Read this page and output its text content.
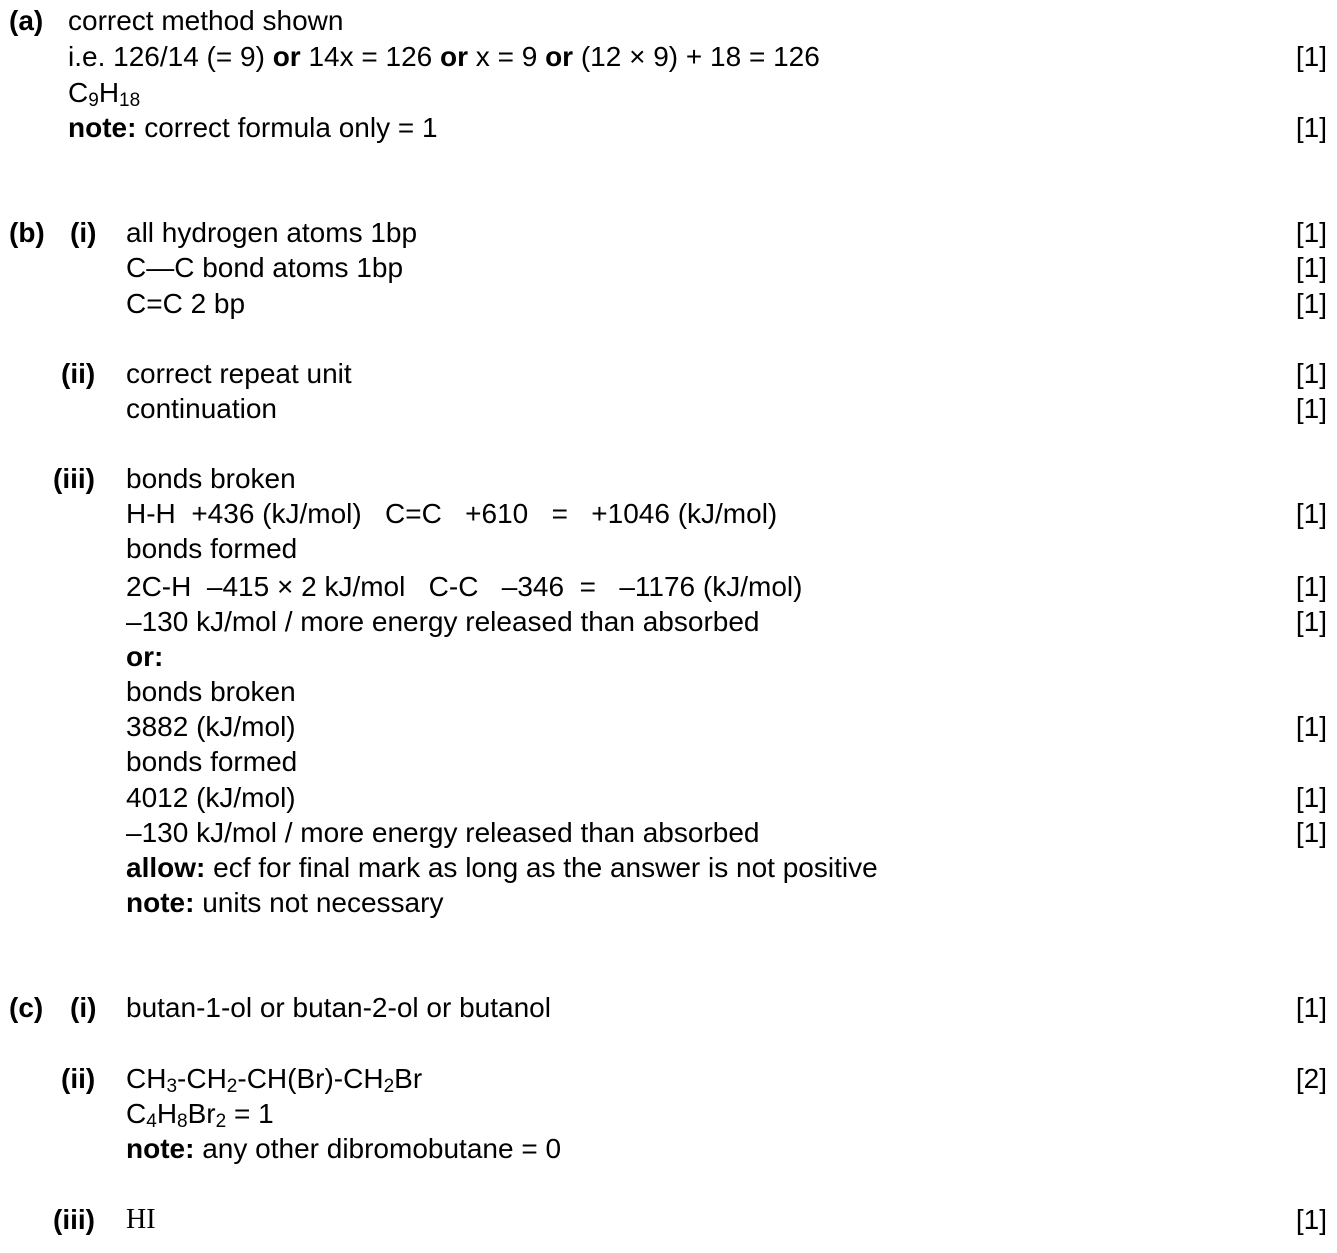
(a) correct method shown
i.e. 126/14 (= 9) or 14x = 126 or x = 9 or (12 × 9) + 18 = 126
$C_9H_{18}$
note: correct formula only = 1
[1]
[1]
(b) (i) all hydrogen atoms 1bp
C—C bond atoms 1bp
C=C 2 bp
[1]
[1]
[1]
(ii) correct repeat unit
continuation
[1]
[1]
(iii) bonds broken
H-H  +436 (kJ/mol)   C=C   +610   =   +1046 (kJ/mol)
bonds formed
2C-H  –415 × 2 kJ/mol   C-C   –346  =   –1176 (kJ/mol)
–130 kJ/mol / more energy released than absorbed
or:
bonds broken
3882 (kJ/mol)
bonds formed
4012 (kJ/mol)
–130 kJ/mol / more energy released than absorbed
allow: ecf for final mark as long as the answer is not positive
note: units not necessary
[1]
[1]
[1]
[1]
[1]
[1]
(c) (i) butan-1-ol or butan-2-ol or butanol	[1]
(ii) $CH_3-CH_2-CH(Br)-CH_2Br$
$C_4H_8Br_2 = 1$
note: any other dibromobutane = 0
[2]
(iii) HI	[1]
